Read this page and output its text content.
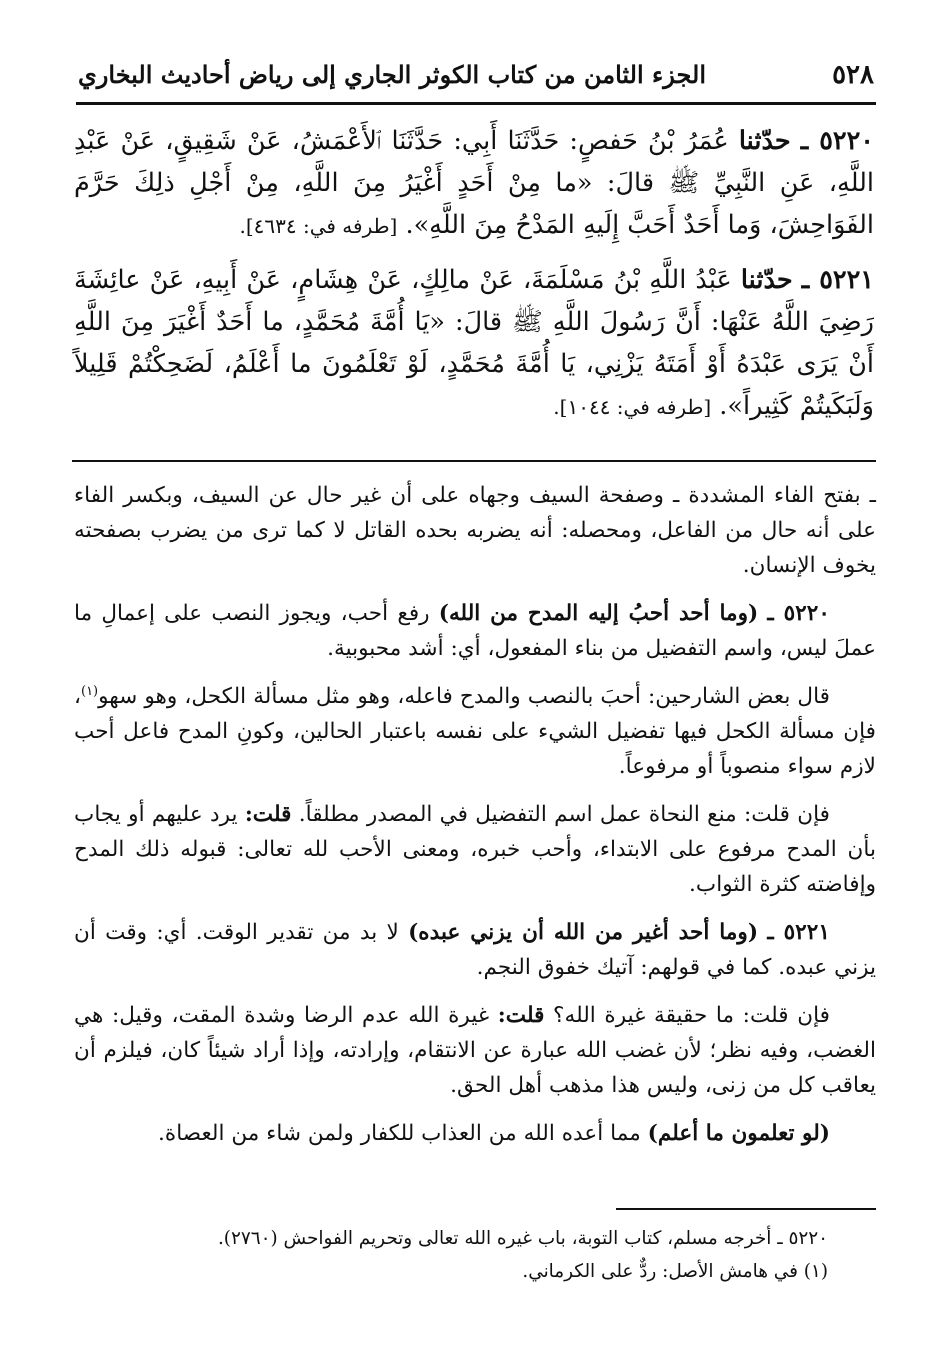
٥٢٨
الجزء الثامن من كتاب الكوثر الجاري إلى رياض أحاديث البخاري

٥٢٢٠ ـ حدّثنا عُمَرُ بْنُ حَفصٍ: حَدَّثَنَا أَبِي: حَدَّثَنَا ٱلأَعْمَشُ، عَنْ شَقِيقٍ، عَنْ عَبْدِ اللَّهِ، عَنِ النَّبِيِّ ﷺ قالَ: «ما مِنْ أَحَدٍ أَغْيَرُ مِنَ اللَّهِ، مِنْ أَجْلِ ذلِكَ حَرَّمَ الفَوَاحِشَ، وَما أَحَدٌ أَحَبَّ إِلَيهِ المَدْحُ مِنَ اللَّهِ». [طرفه في: ٤٦٣٤].

٥٢٢١ ـ حدّثنا عَبْدُ اللَّهِ بْنُ مَسْلَمَةَ، عَنْ مالِكٍ، عَنْ هِشَامٍ، عَنْ أَبِيهِ، عَنْ عائِشَةَ رَضِيَ اللَّهُ عَنْهَا: أَنَّ رَسُولَ اللَّهِ ﷺ قالَ: «يَا أُمَّةَ مُحَمَّدٍ، ما أَحَدٌ أَغْيَرَ مِنَ اللَّهِ أَنْ يَرَى عَبْدَهُ أَوْ أَمَتَهُ يَزْنِي، يَا أُمَّةَ مُحَمَّدٍ، لَوْ تَعْلَمُونَ ما أَعْلَمُ، لَضَحِكْتُمْ قَلِيلاً وَلَبَكَيتُمْ كَثِيراً». [طرفه في: ١٠٤٤].

ـ بفتح الفاء المشددة ـ وصفحة السيف وجهاه على أن غير حال عن السيف، وبكسر الفاء على أنه حال من الفاعل، ومحصله: أنه يضربه بحده القاتل لا كما ترى من يضرب بصفحته يخوف الإنسان.

٥٢٢٠ ـ (وما أحد أحبُ إليه المدح من الله) رفع أحب، ويجوز النصب على إعمالِ ما عملَ ليس، واسم التفضيل من بناء المفعول، أي: أشد محبوبية.

قال بعض الشارحين: أحبَ بالنصب والمدح فاعله، وهو مثل مسألة الكحل، وهو سهو$^{(١)}$، فإن مسألة الكحل فيها تفضيل الشيء على نفسه باعتبار الحالين، وكونِ المدح فاعل أحب لازم سواء منصوباً أو مرفوعاً.

فإن قلت: منع النحاة عمل اسم التفضيل في المصدر مطلقاً. قلت: يرد عليهم أو يجاب بأن المدح مرفوع على الابتداء، وأحب خبره، ومعنى الأحب لله تعالى: قبوله ذلك المدح وإفاضته كثرة الثواب.

٥٢٢١ ـ (وما أحد أغير من الله أن يزني عبده) لا بد من تقدير الوقت. أي: وقت أن يزني عبده. كما في قولهم: آتيك خفوق النجم.

فإن قلت: ما حقيقة غيرة الله؟ قلت: غيرة الله عدم الرضا وشدة المقت، وقيل: هي الغضب، وفيه نظر؛ لأن غضب الله عبارة عن الانتقام، وإرادته، وإذا أراد شيئاً كان، فيلزم أن يعاقب كل من زنى، وليس هذا مذهب أهل الحق.

(لو تعلمون ما أعلم) مما أعده الله من العذاب للكفار ولمن شاء من العصاة.

٥٢٢٠ ـ أخرجه مسلم، كتاب التوبة، باب غيره الله تعالى وتحريم الفواحش (٢٧٦٠).

(١) في هامش الأصل: ردٌّ على الكرماني.
